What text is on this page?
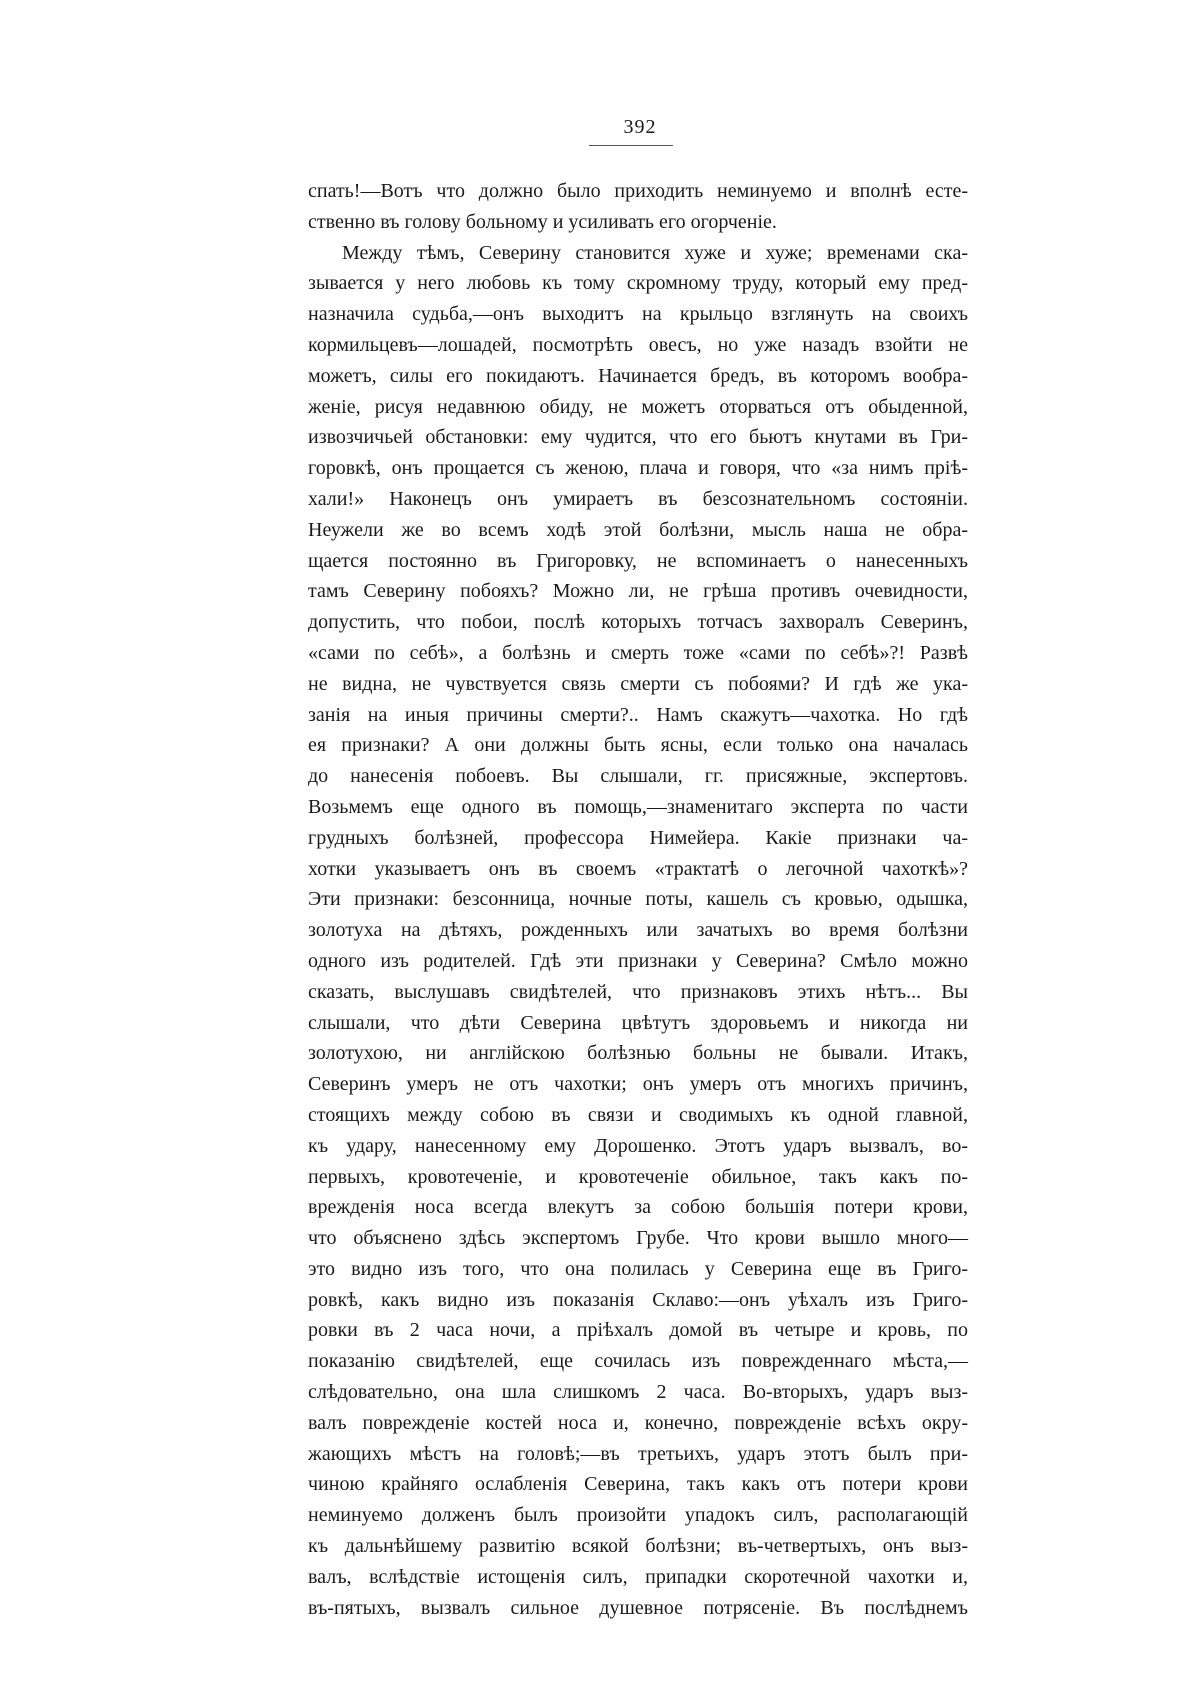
392
спать!—Вотъ что должно было приходить неминуемо и вполнѣ есте-
ственно въ голову больному и усиливать его огорченіе.
Между тѣмъ, Северину становится хуже и хуже; временами ска-
зывается у него любовь къ тому скромному труду, который ему пред-
назначила судьба,—онъ выходитъ на крыльцо взглянуть на своихъ
кормильцевъ—лошадей, посмотрѣть овесъ, но уже назадъ взойти не
можетъ, силы его покидаютъ. Начинается бредъ, въ которомъ вообра-
женіе, рисуя недавнюю обиду, не можетъ оторваться отъ обыденной,
извозчичьей обстановки: ему чудится, что его бьютъ кнутами въ Гри-
горовкѣ, онъ прощается съ женою, плача и говоря, что «за нимъ пріѣ-
хали!» Наконецъ онъ умираетъ въ безсознательномъ состояніи.
Неужели же во всемъ ходѣ этой болѣзни, мысль наша не обра-
щается постоянно въ Григоровку, не вспоминаетъ о нанесенныхъ
тамъ Северину побояхъ? Можно ли, не грѣша противъ очевидности,
допустить, что побои, послѣ которыхъ тотчасъ захворалъ Северинъ,
«сами по себѣ», а болѣзнь и смерть тоже «сами по себѣ»?! Развѣ
не видна, не чувствуется связь смерти съ побоями? И гдѣ же ука-
занія на иныя причины смерти?.. Намъ скажутъ—чахотка. Но гдѣ
ея признаки? А они должны быть ясны, если только она началась
до нанесенія побоевъ. Вы слышали, гг. присяжные, экспертовъ.
Возьмемъ еще одного въ помощь,—знаменитаго эксперта по части
грудныхъ болѣзней, профессора Нимейера. Какіе признаки ча-
хотки указываетъ онъ въ своемъ «трактатѣ о легочной чахоткѣ»?
Эти признаки: безсонница, ночные поты, кашель съ кровью, одышка,
золотуха на дѣтяхъ, рожденныхъ или зачатыхъ во время болѣзни
одного изъ родителей. Гдѣ эти признаки у Северина? Смѣло можно
сказать, выслушавъ свидѣтелей, что признаковъ этихъ нѣтъ... Вы
слышали, что дѣти Северина цвѣтутъ здоровьемъ и никогда ни
золотухою, ни англійскою болѣзнью больны не бывали. Итакъ,
Северинъ умеръ не отъ чахотки; онъ умеръ отъ многихъ причинъ,
стоящихъ между собою въ связи и сводимыхъ къ одной главной,
къ удару, нанесенному ему Дорошенко. Этотъ ударъ вызвалъ, во-
первыхъ, кровотеченіе, и кровотеченіе обильное, такъ какъ по-
врежденія носа всегда влекутъ за собою большія потери крови,
что объяснено здѣсь экспертомъ Грубе. Что крови вышло много—
это видно изъ того, что она полилась у Северина еще въ Григо-
ровкѣ, какъ видно изъ показанія Склаво:—онъ уѣхалъ изъ Григо-
ровки въ 2 часа ночи, а пріѣхалъ домой въ четыре и кровь, по
показанію свидѣтелей, еще сочилась изъ поврежденнаго мѣста,—
слѣдовательно, она шла слишкомъ 2 часа. Во-вторыхъ, ударъ выз-
валъ поврежденіе костей носа и, конечно, поврежденіе всѣхъ окру-
жающихъ мѣстъ на головѣ;—въ третьихъ, ударъ этотъ былъ при-
чиною крайняго ослабленія Северина, такъ какъ отъ потери крови
неминуемо долженъ былъ произойти упадокъ силъ, располагающій
къ дальнѣйшему развитію всякой болѣзни; въ-четвертыхъ, онъ выз-
валъ, вслѣдствіе истощенія силъ, припадки скоротечной чахотки и,
въ-пятыхъ, вызвалъ сильное душевное потрясеніе. Въ послѣднемъ
